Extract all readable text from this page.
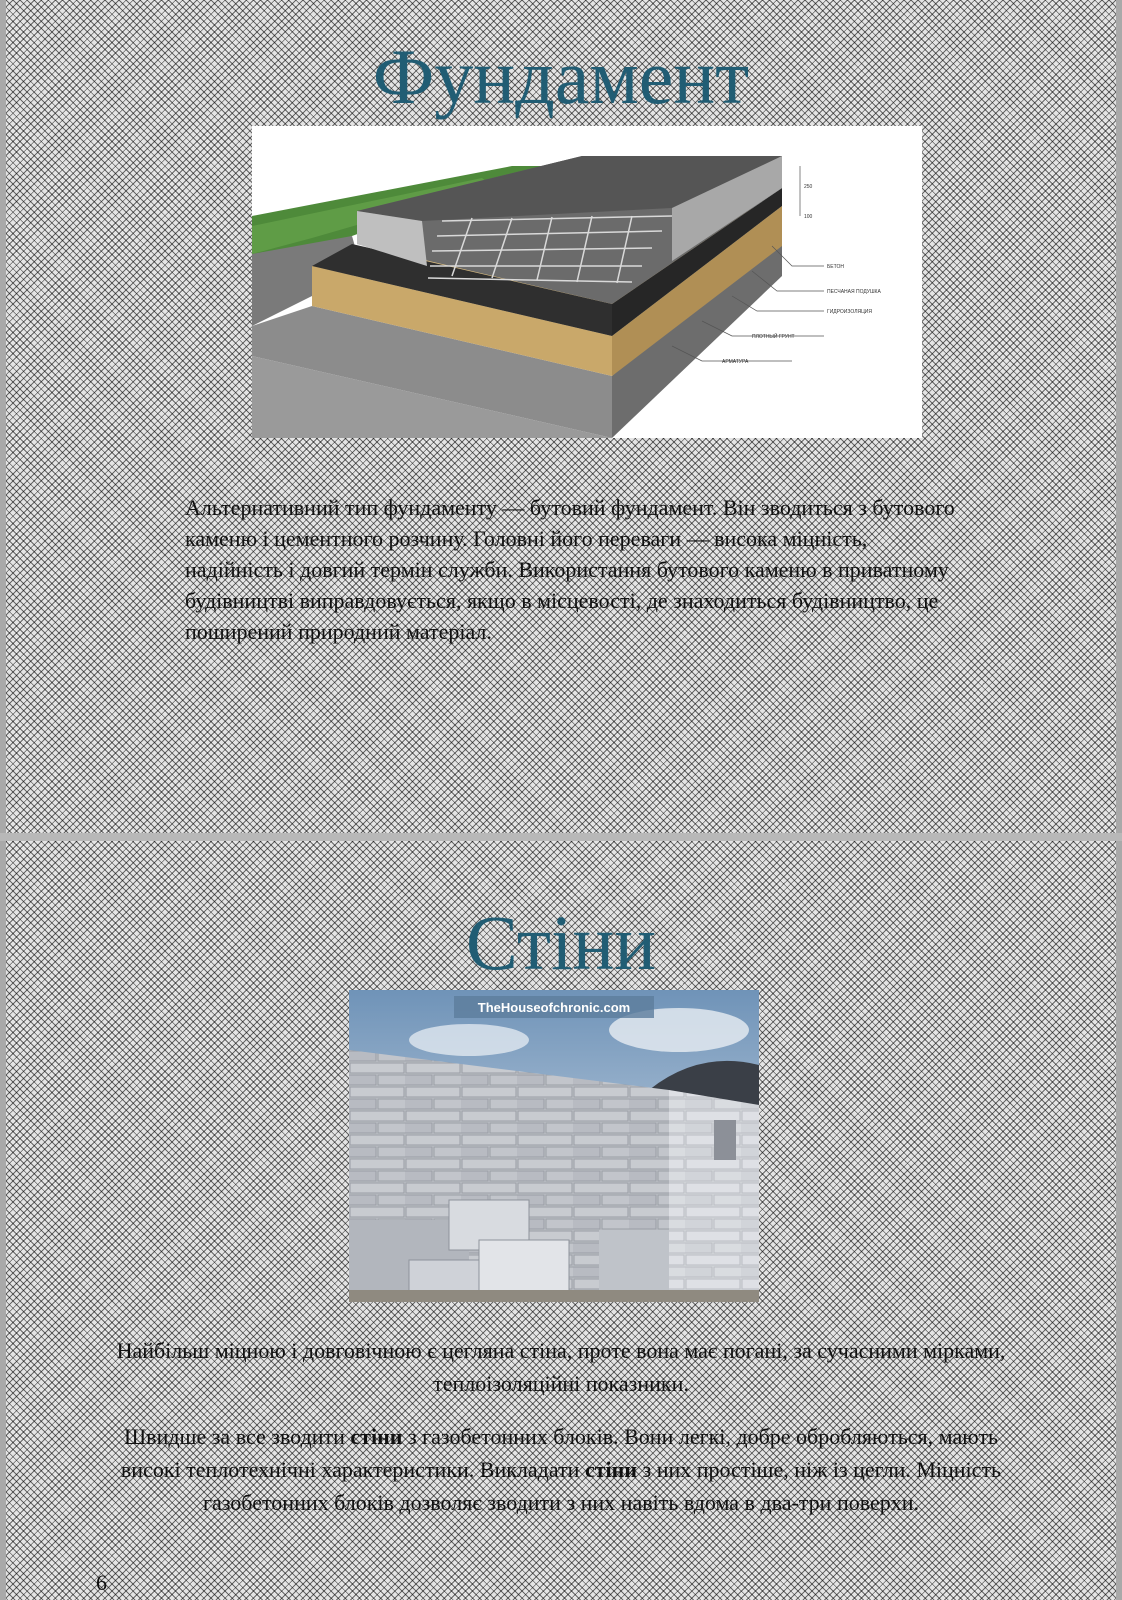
Фундамент
250
100
БЕТОН
ПЕСЧАНАЯ ПОДУШКА
ГИДРОИЗОЛЯЦИЯ
ПЛОТНЫЙ ГРУНТ
АРМАТУРА

Альтернативний тип фундаменту — бутовий фундамент. Він зводиться з бутового каменю і цементного розчину. Головні його переваги — висока міцність, надійність і довгий термін служби. Використання бутового каменю в приватному будівництві виправдовується, якщо в місцевості, де знаходиться будівництво, це поширений природний матеріал.

Стіни
TheHouseofchronic.com

Найбільш міцною і довговічною є цегляна стіна, проте вона має погані, за сучасними мірками, теплоізоляційні показники.

Швидше за все зводити стіни з газобетонних блоків. Вони легкі, добре обробляються, мають високі теплотехнічні характеристики. Викладати стіни з них простіше, ніж із цегли. Міцність газобетонних блоків дозволяє зводити з них навіть вдома в два-три поверхи.

6
